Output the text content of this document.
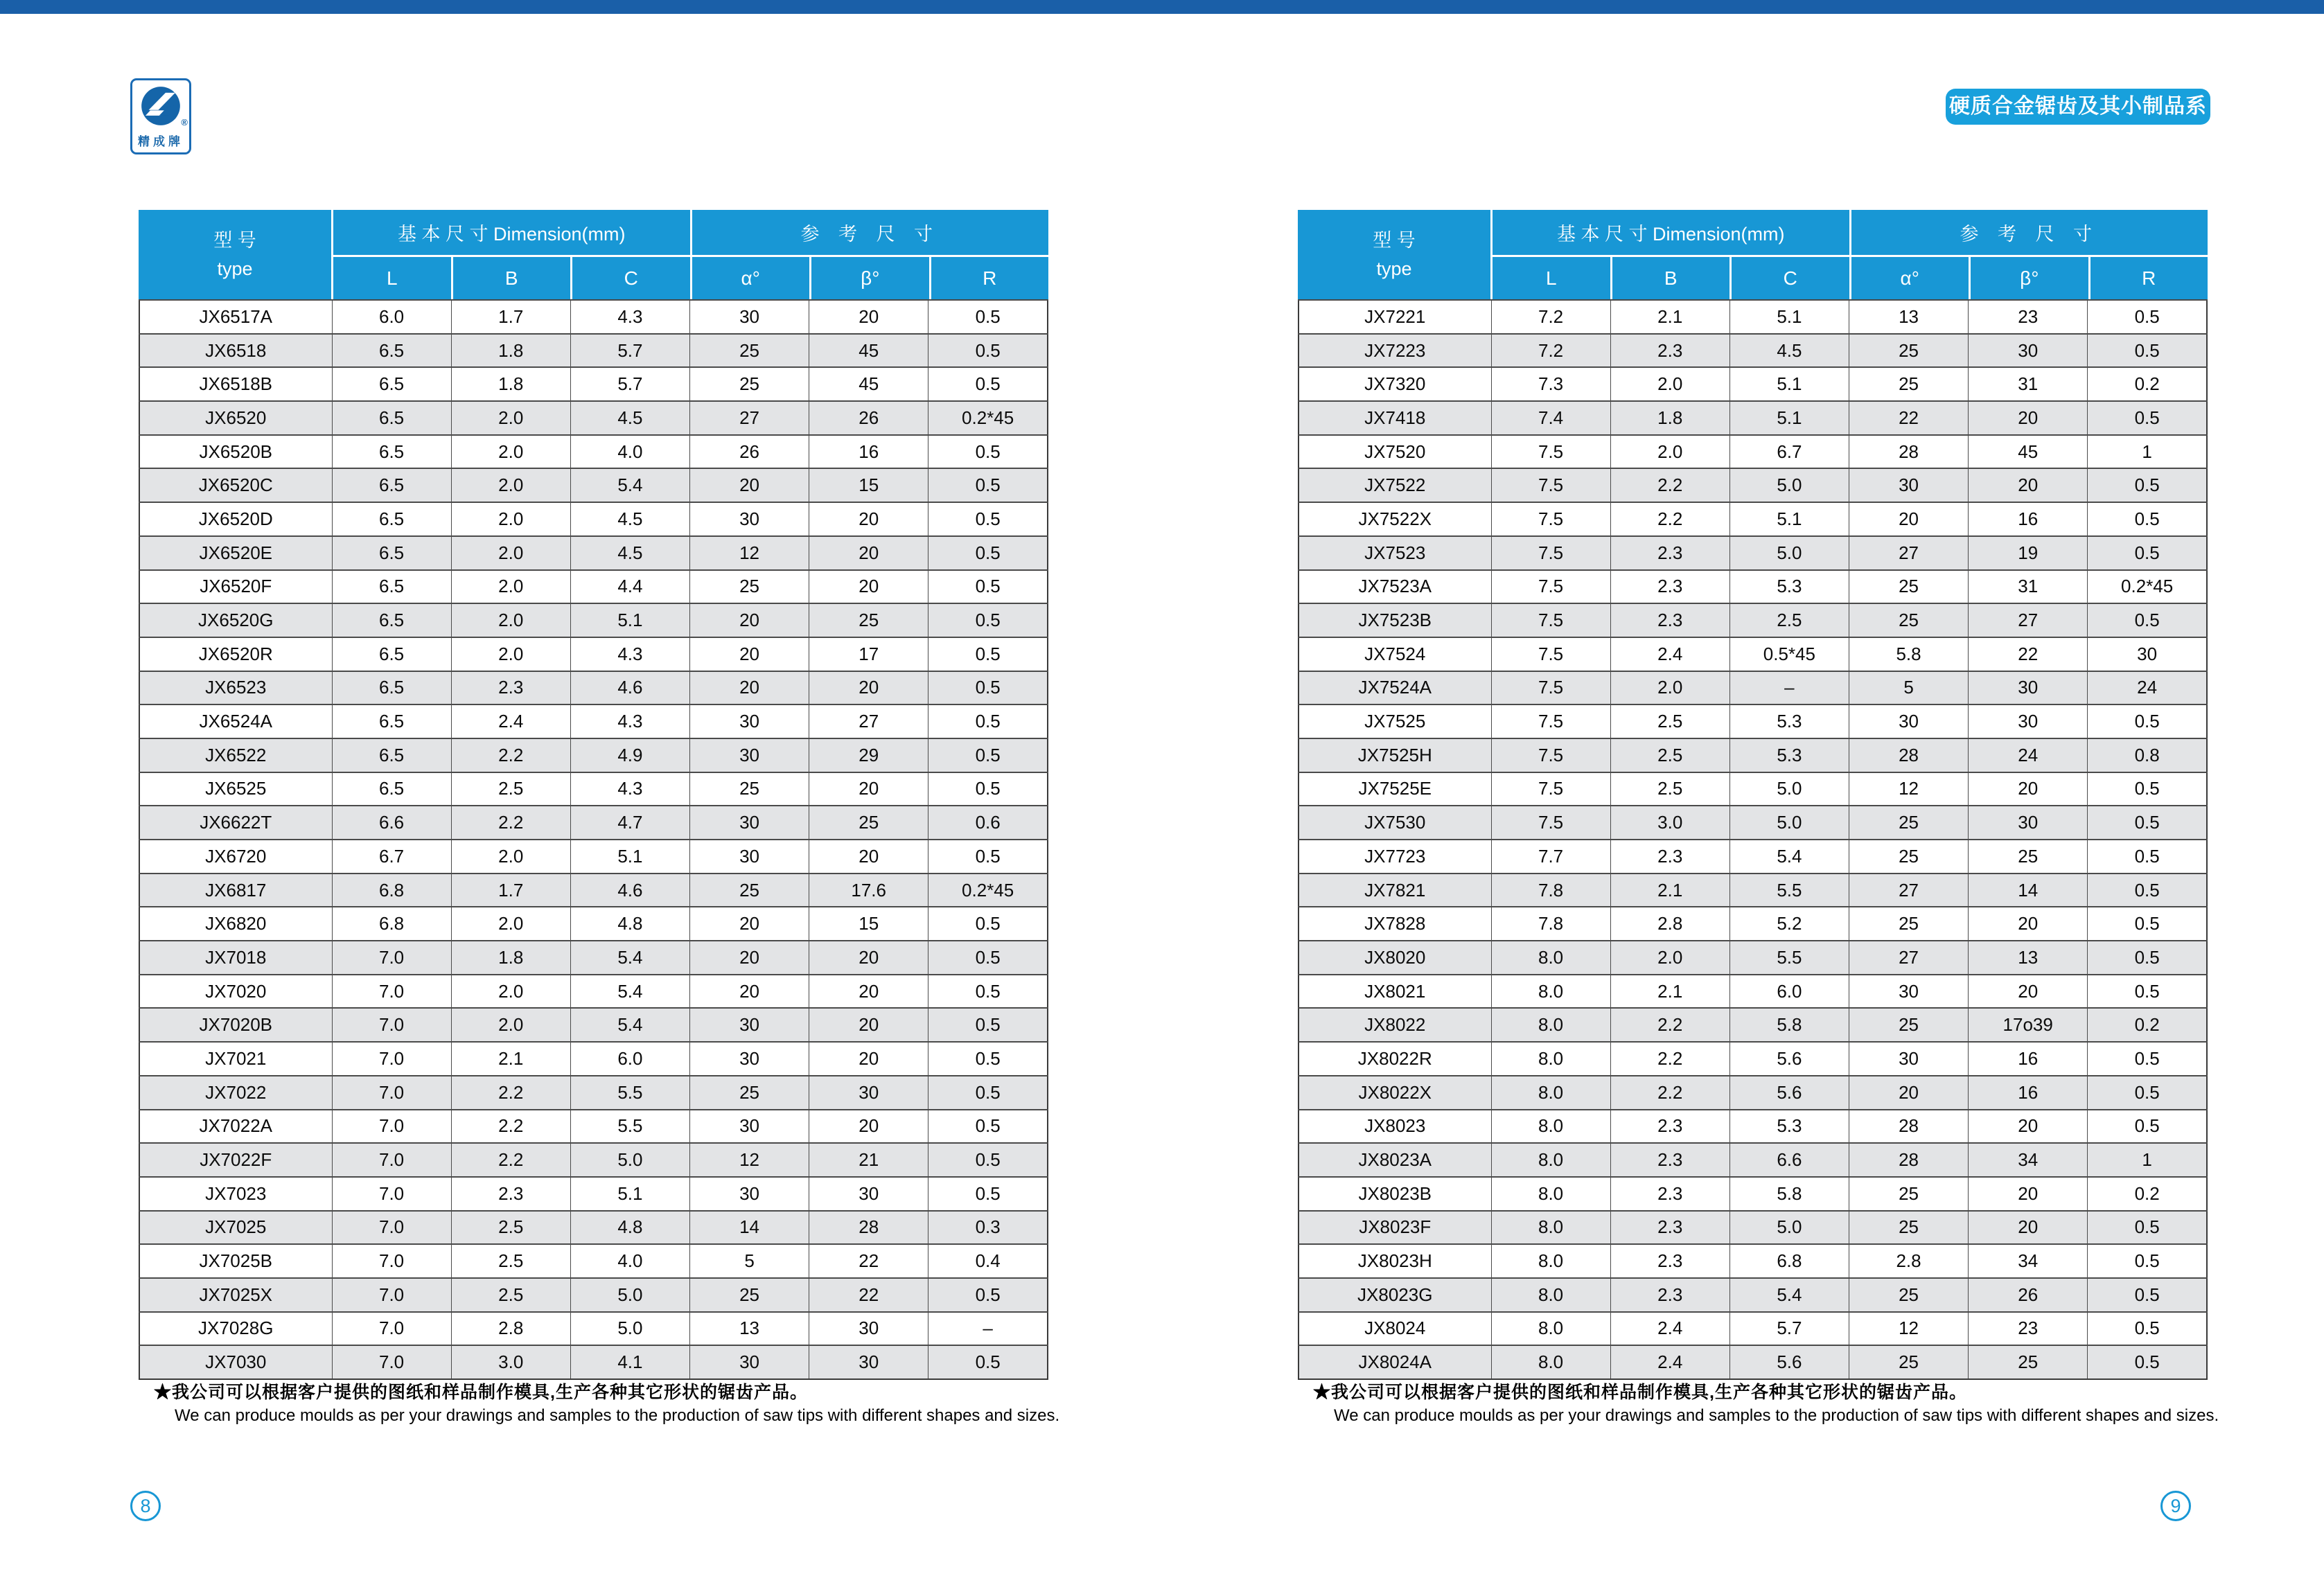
®
精成牌
硬质合金锯齿及其小制品系列
型 号
type
基 本 尺 寸 Dimension(mm)	参 考 尺 寸
L	B	C	α°	β°	R
JX6517A	6.0	1.7	4.3	30	20	0.5
JX6518	6.5	1.8	5.7	25	45	0.5
JX6518B	6.5	1.8	5.7	25	45	0.5
JX6520	6.5	2.0	4.5	27	26	0.2*45
JX6520B	6.5	2.0	4.0	26	16	0.5
JX6520C	6.5	2.0	5.4	20	15	0.5
JX6520D	6.5	2.0	4.5	30	20	0.5
JX6520E	6.5	2.0	4.5	12	20	0.5
JX6520F	6.5	2.0	4.4	25	20	0.5
JX6520G	6.5	2.0	5.1	20	25	0.5
JX6520R	6.5	2.0	4.3	20	17	0.5
JX6523	6.5	2.3	4.6	20	20	0.5
JX6524A	6.5	2.4	4.3	30	27	0.5
JX6522	6.5	2.2	4.9	30	29	0.5
JX6525	6.5	2.5	4.3	25	20	0.5
JX6622T	6.6	2.2	4.7	30	25	0.6
JX6720	6.7	2.0	5.1	30	20	0.5
JX6817	6.8	1.7	4.6	25	17.6	0.2*45
JX6820	6.8	2.0	4.8	20	15	0.5
JX7018	7.0	1.8	5.4	20	20	0.5
JX7020	7.0	2.0	5.4	20	20	0.5
JX7020B	7.0	2.0	5.4	30	20	0.5
JX7021	7.0	2.1	6.0	30	20	0.5
JX7022	7.0	2.2	5.5	25	30	0.5
JX7022A	7.0	2.2	5.5	30	20	0.5
JX7022F	7.0	2.2	5.0	12	21	0.5
JX7023	7.0	2.3	5.1	30	30	0.5
JX7025	7.0	2.5	4.8	14	28	0.3
JX7025B	7.0	2.5	4.0	5	22	0.4
JX7025X	7.0	2.5	5.0	25	22	0.5
JX7028G	7.0	2.8	5.0	13	30	–
JX7030	7.0	3.0	4.1	30	30	0.5
型 号
type
基 本 尺 寸 Dimension(mm)	参 考 尺 寸
L	B	C	α°	β°	R
JX7221	7.2	2.1	5.1	13	23	0.5
JX7223	7.2	2.3	4.5	25	30	0.5
JX7320	7.3	2.0	5.1	25	31	0.2
JX7418	7.4	1.8	5.1	22	20	0.5
JX7520	7.5	2.0	6.7	28	45	1
JX7522	7.5	2.2	5.0	30	20	0.5
JX7522X	7.5	2.2	5.1	20	16	0.5
JX7523	7.5	2.3	5.0	27	19	0.5
JX7523A	7.5	2.3	5.3	25	31	0.2*45
JX7523B	7.5	2.3	2.5	25	27	0.5
JX7524	7.5	2.4	0.5*45	5.8	22	30
JX7524A	7.5	2.0	–	5	30	24
JX7525	7.5	2.5	5.3	30	30	0.5
JX7525H	7.5	2.5	5.3	28	24	0.8
JX7525E	7.5	2.5	5.0	12	20	0.5
JX7530	7.5	3.0	5.0	25	30	0.5
JX7723	7.7	2.3	5.4	25	25	0.5
JX7821	7.8	2.1	5.5	27	14	0.5
JX7828	7.8	2.8	5.2	25	20	0.5
JX8020	8.0	2.0	5.5	27	13	0.5
JX8021	8.0	2.1	6.0	30	20	0.5
JX8022	8.0	2.2	5.8	25	17o39	0.2
JX8022R	8.0	2.2	5.6	30	16	0.5
JX8022X	8.0	2.2	5.6	20	16	0.5
JX8023	8.0	2.3	5.3	28	20	0.5
JX8023A	8.0	2.3	6.6	28	34	1
JX8023B	8.0	2.3	5.8	25	20	0.2
JX8023F	8.0	2.3	5.0	25	20	0.5
JX8023H	8.0	2.3	6.8	2.8	34	0.5
JX8023G	8.0	2.3	5.4	25	26	0.5
JX8024	8.0	2.4	5.7	12	23	0.5
JX8024A	8.0	2.4	5.6	25	25	0.5
★我公司可以根据客户提供的图纸和样品制作模具,生产各种其它形状的锯齿产品。
We can produce moulds as per your drawings and samples to the production of saw tips with different shapes and sizes.
★我公司可以根据客户提供的图纸和样品制作模具,生产各种其它形状的锯齿产品。
We can produce moulds as per your drawings and samples to the production of saw tips with different shapes and sizes.
8	9
